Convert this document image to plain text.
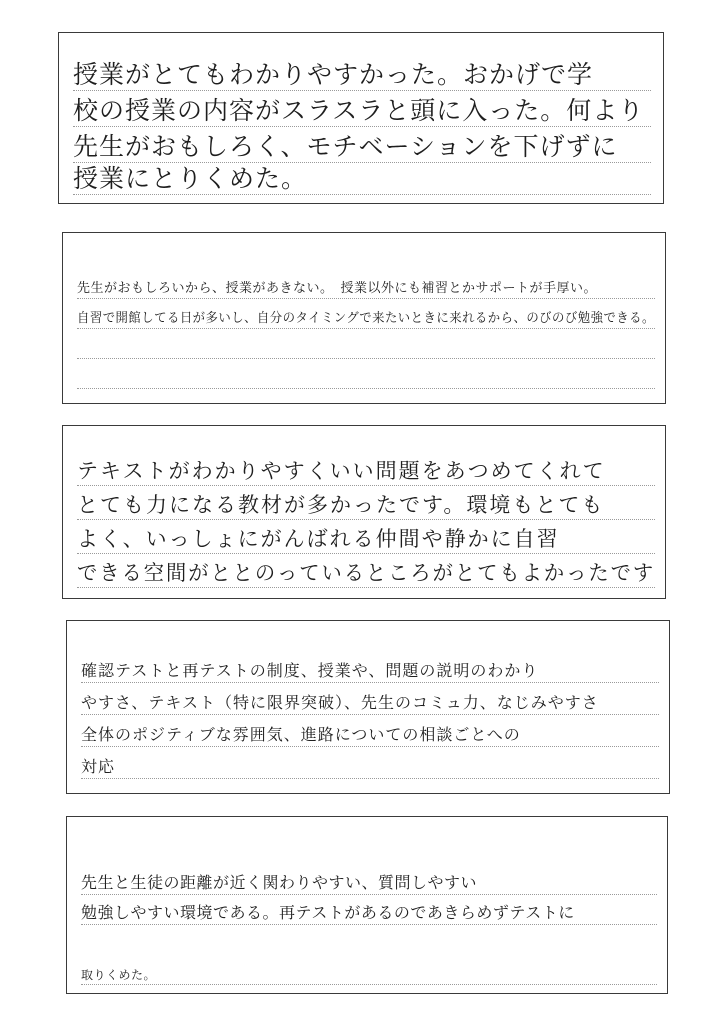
授業がとてもわかりやすかった。おかげで学
校の授業の内容がスラスラと頭に入った。何より
先生がおもしろく、モチベーションを下げずに
授業にとりくめた。
先生がおもしろいから、授業があきない。　授業以外にも補習とかサポートが手厚い。
自習で開館してる日が多いし、自分のタイミングで来たいときに来れるから、のびのび勉強できる。
テキストがわかりやすくいい問題をあつめてくれて
とても力になる教材が多かったです。環境もとても
よく、いっしょにがんばれる仲間や静かに自習
できる空間がととのっているところがとてもよかったです
確認テストと再テストの制度、授業や、問題の説明のわかり
やすさ、テキスト（特に限界突破）、先生のコミュ力、なじみやすさ
全体のポジティブな雰囲気、進路についての相談ごとへの
対応
先生と生徒の距離が近く関わりやすい、質問しやすい
勉強しやすい環境である。再テストがあるのであきらめずテストに
取りくめた。
